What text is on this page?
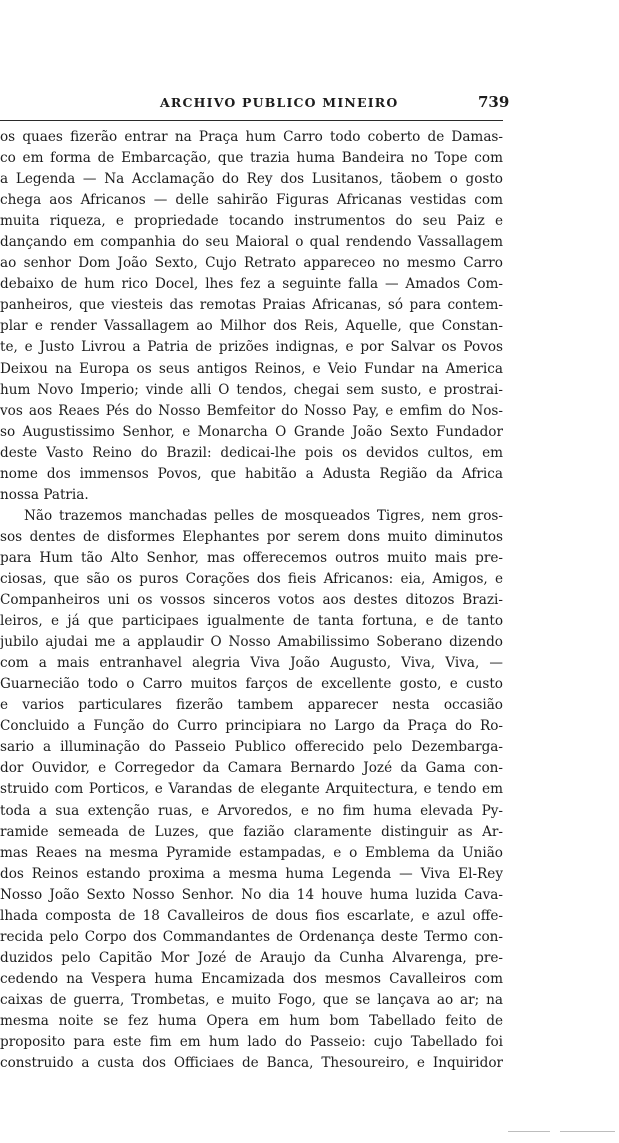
ARCHIVO PUBLICO MINEIRO	739
os quaes fizerão entrar na Praça hum Carro todo coberto de Damas-
co em forma de Embarcação, que trazia huma Bandeira no Tope com
a Legenda — Na Acclamação do Rey dos Lusitanos, tãobem o gosto
chega aos Africanos — delle sahirão Figuras Africanas vestidas com
muita riqueza, e propriedade tocando instrumentos do seu Paiz e
dançando em companhia do seu Maioral o qual rendendo Vassallagem
ao senhor Dom João Sexto, Cujo Retrato appareceo no mesmo Carro
debaixo de hum rico Docel, lhes fez a seguinte falla — Amados Com-
panheiros, que viesteis das remotas Praias Africanas, só para contem-
plar e render Vassallagem ao Milhor dos Reis, Aquelle, que Constan-
te, e Justo Livrou a Patria de prizões indignas, e por Salvar os Povos
Deixou na Europa os seus antigos Reinos, e Veio Fundar na America
hum Novo Imperio; vinde alli O tendos, chegai sem susto, e prostrai-
vos aos Reaes Pés do Nosso Bemfeitor do Nosso Pay, e emfim do Nos-
so Augustissimo Senhor, e Monarcha O Grande João Sexto Fundador
deste Vasto Reino do Brazil: dedicai-lhe pois os devidos cultos, em
nome dos immensos Povos, que habitão a Adusta Região da Africa
nossa Patria.
Não trazemos manchadas pelles de mosqueados Tigres, nem gros-
sos dentes de disformes Elephantes por serem dons muito diminutos
para Hum tão Alto Senhor, mas offerecemos outros muito mais pre-
ciosas, que são os puros Corações dos fieis Africanos: eia, Amigos, e
Companheiros uni os vossos sinceros votos aos destes ditozos Brazi-
leiros, e já que participaes igualmente de tanta fortuna, e de tanto
jubilo ajudai me a applaudir O Nosso Amabilissimo Soberano dizendo
com a mais entranhavel alegria Viva João Augusto, Viva, Viva, —
Guarnecião todo o Carro muitos farços de excellente gosto, e custo
e varios particulares fizerão tambem apparecer nesta occasião
Concluido a Função do Curro principiara no Largo da Praça do Ro-
sario a illuminação do Passeio Publico offerecido pelo Dezembarga-
dor Ouvidor, e Corregedor da Camara Bernardo Jozé da Gama con-
struido com Porticos, e Varandas de elegante Arquitectura, e tendo em
toda a sua extenção ruas, e Arvoredos, e no fim huma elevada Py-
ramide semeada de Luzes, que fazião claramente distinguir as Ar-
mas Reaes na mesma Pyramide estampadas, e o Emblema da União
dos Reinos estando proxima a mesma huma Legenda — Viva El-Rey
Nosso João Sexto Nosso Senhor. No dia 14 houve huma luzida Cava-
lhada composta de 18 Cavalleiros de dous fios escarlate, e azul offe-
recida pelo Corpo dos Commandantes de Ordenança deste Termo con-
duzidos pelo Capitão Mor Jozé de Araujo da Cunha Alvarenga, pre-
cedendo na Vespera huma Encamizada dos mesmos Cavalleiros com
caixas de guerra, Trombetas, e muito Fogo, que se lançava ao ar; na
mesma noite se fez huma Opera em hum bom Tabellado feito de
proposito para este fim em hum lado do Passeio: cujo Tabellado foi
construido a custa dos Officiaes de Banca, Thesoureiro, e Inquiridor
